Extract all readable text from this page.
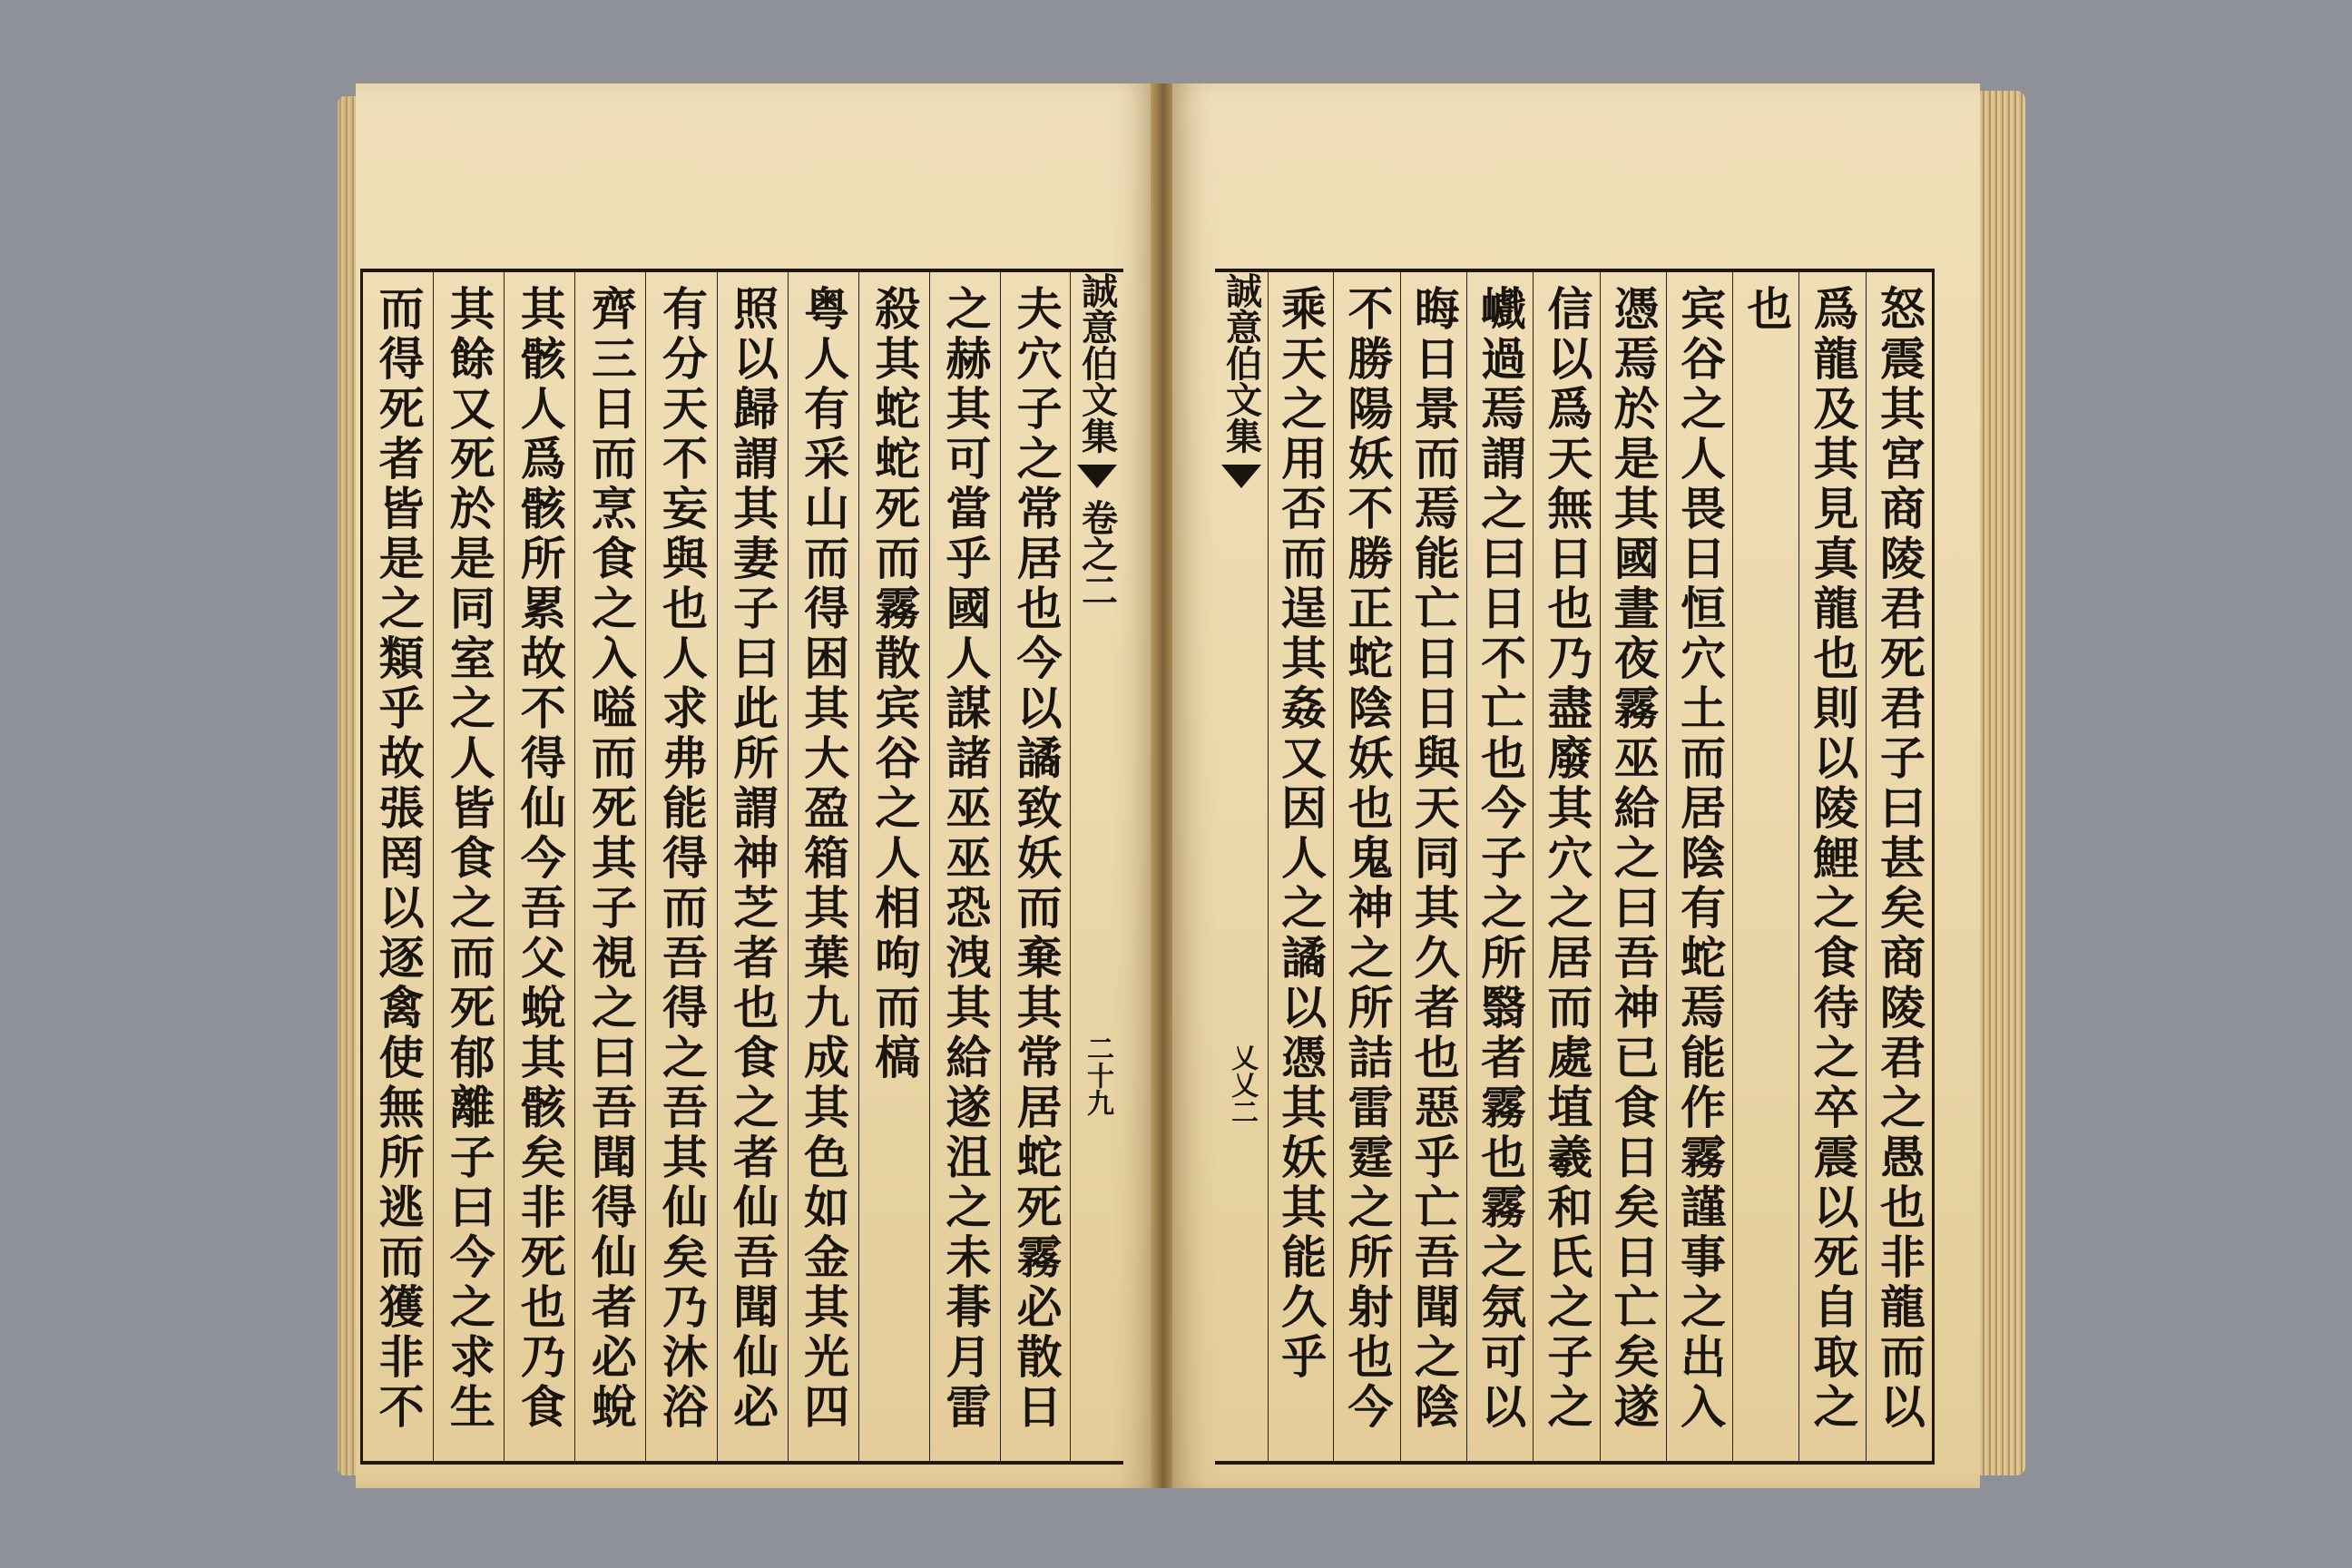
夫穴子之常居也今以譎致妖而棄其常居蛇死霧必散日
之赫其可當乎國人謀諸巫巫恐洩其給遂沮之未朞月雷
殺其蛇蛇死而霧散宾谷之人相呴而槁
粤人有采山而得困其大盈箱其葉九成其色如金其光四
照以歸謂其妻子曰此所謂神芝者也食之者仙吾聞仙必
有分天不妄與也人求弗能得而吾得之吾其仙矣乃沐浴
齊三日而烹食之入嗌而死其子視之曰吾聞得仙者必蛻
其骸人爲骸所累故不得仙今吾父蛻其骸矣非死也乃食
其餘又死於是同室之人皆食之而死郁離子曰今之求生
而得死者皆是之類乎故張罔以逐禽使無所逃而獲非不	誠意伯文集
卷之二
二十九	怒震其宮商陵君死君子曰甚矣商陵君之愚也非龍而以
爲龍及其見真龍也則以陵鯉之食待之卒震以死自取之
也
宾谷之人畏日恒穴土而居陰有蛇焉能作霧謹事之出入
憑焉於是其國晝夜霧巫給之曰吾神已食日矣日亡矣遂
信以爲天無日也乃盡廢其穴之居而處埴羲和氏之子之
巇過焉謂之曰日不亡也今子之所翳者霧也霧之氛可以
晦日景而焉能亡日日與天同其久者也惡乎亡吾聞之陰
不勝陽妖不勝正蛇陰妖也鬼神之所詰雷霆之所射也今
乘天之用否而逞其姦又因人之譎以憑其妖其能久乎
誠意伯文集
乂乂二
